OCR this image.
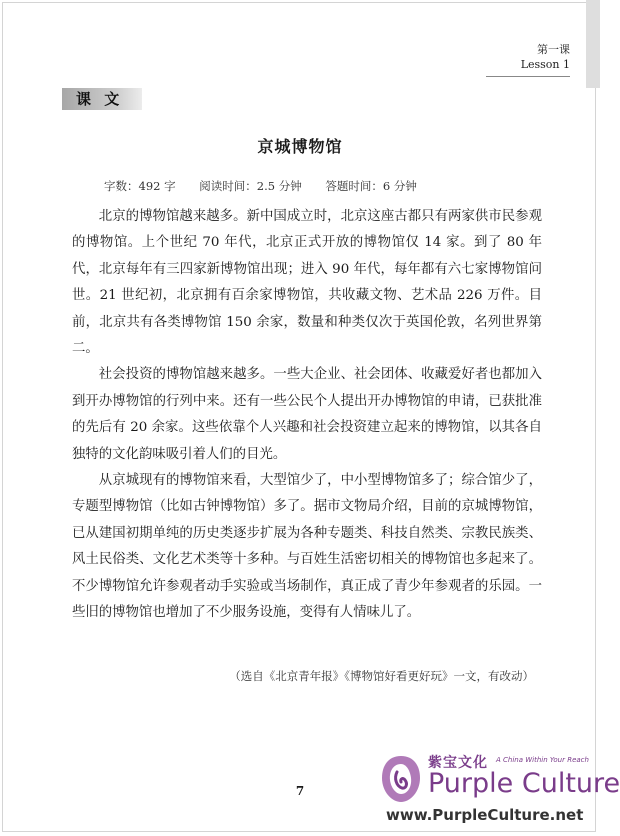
第一课
Lesson 1
课 文
京城博物馆
字数：492 字 阅读时间：2.5 分钟 答题时间：6 分钟

北京的博物馆越来越多。新中国成立时，北京这座古都只有两家供市民参观的博物馆。上个世纪 70 年代，北京正式开放的博物馆仅 14 家。到了 80 年代，北京每年有三四家新博物馆出现；进入 90 年代，每年都有六七家博物馆问世。21 世纪初，北京拥有百余家博物馆，共收藏文物、艺术品 226 万件。目前，北京共有各类博物馆 150 余家，数量和种类仅次于英国伦敦，名列世界第二。

社会投资的博物馆越来越多。一些大企业、社会团体、收藏爱好者也都加入到开办博物馆的行列中来。还有一些公民个人提出开办博物馆的申请，已获批准的先后有 20 余家。这些依靠个人兴趣和社会投资建立起来的博物馆，以其各自独特的文化韵味吸引着人们的目光。

从京城现有的博物馆来看，大型馆少了，中小型博物馆多了；综合馆少了，专题型博物馆（比如古钟博物馆）多了。据市文物局介绍，目前的京城博物馆，已从建国初期单纯的历史类逐步扩展为各种专题类、科技自然类、宗教民族类、风土民俗类、文化艺术类等十多种。与百姓生活密切相关的博物馆也多起来了。不少博物馆允许参观者动手实验或当场制作，真正成了青少年参观者的乐园。一些旧的博物馆也增加了不少服务设施，变得有人情味儿了。

（选自《北京青年报》《博物馆好看更好玩》一文，有改动）
7
紫宝文化 A China Within Your Reach
Purple Culture
www.PurpleCulture.net
